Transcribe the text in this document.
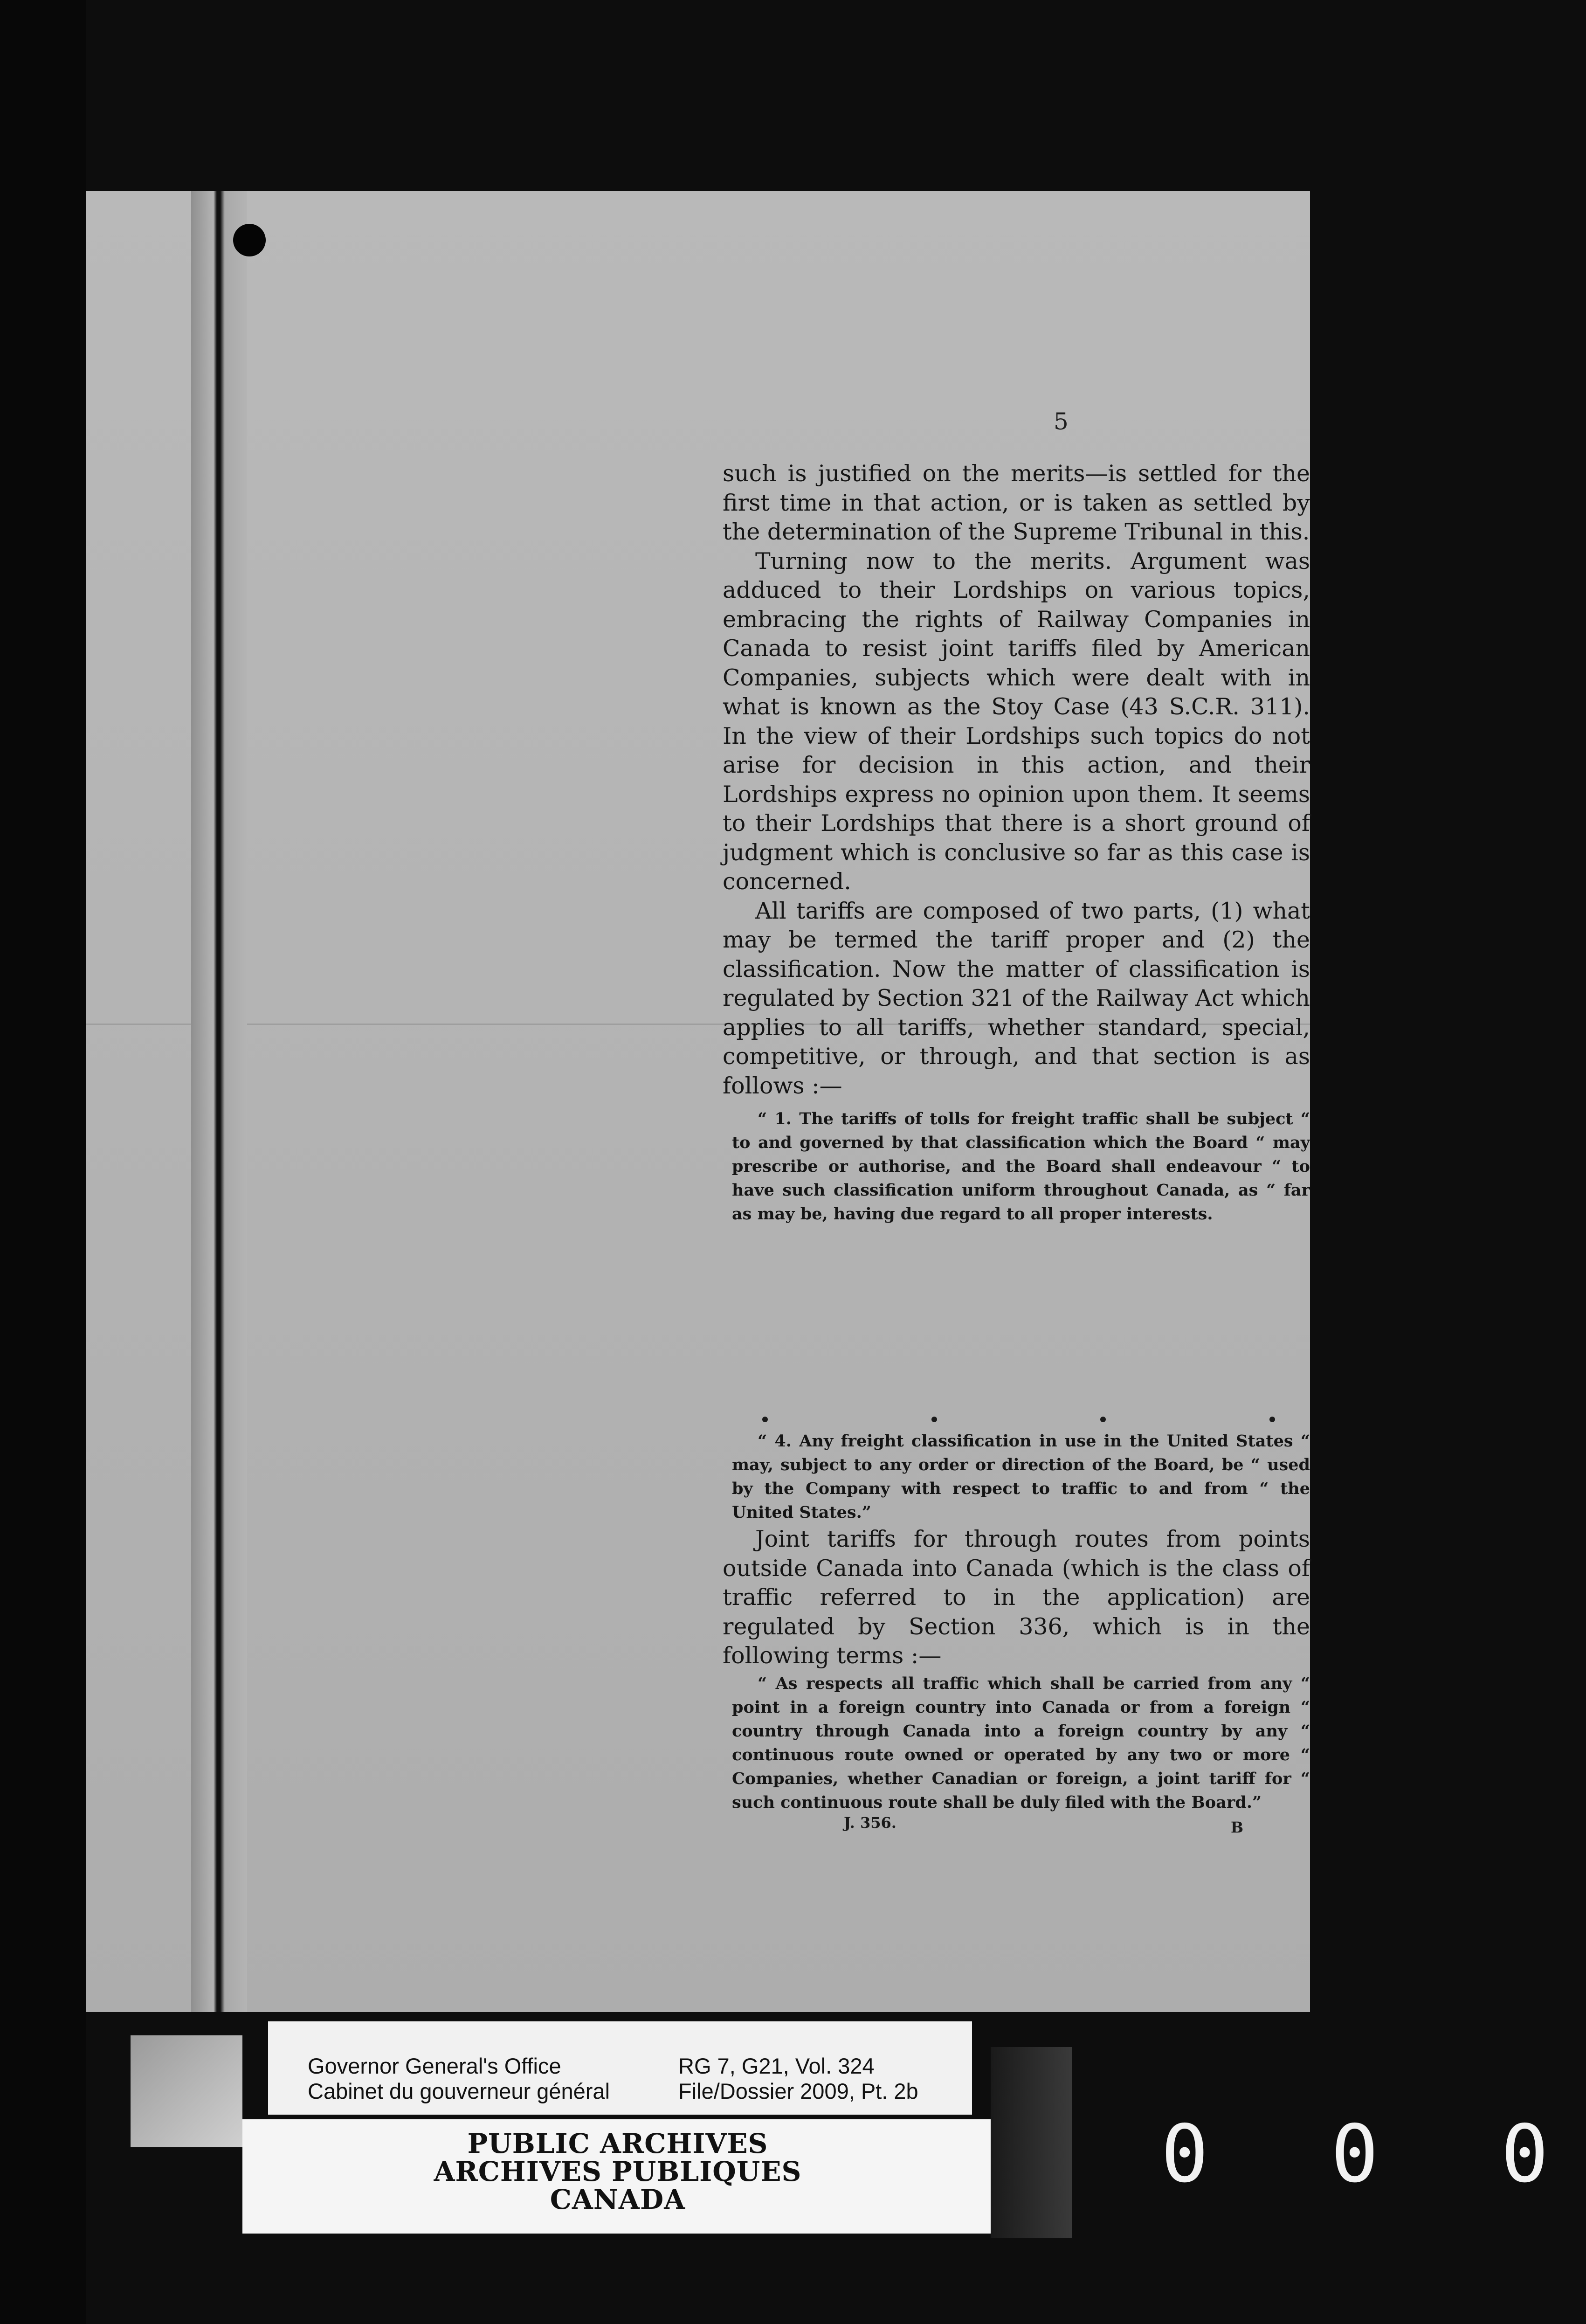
5

such is justified on the merits—is settled for the first time in that action, or is taken as settled by the determination of the Supreme Tribunal in this.

Turning now to the merits. Argument was adduced to their Lordships on various topics, embracing the rights of Railway Companies in Canada to resist joint tariffs filed by American Companies, subjects which were dealt with in what is known as the Stoy Case (43 S.C.R. 311). In the view of their Lordships such topics do not arise for decision in this action, and their Lordships express no opinion upon them. It seems to their Lordships that there is a short ground of judgment which is conclusive so far as this case is concerned.

All tariffs are composed of two parts, (1) what may be termed the tariff proper and (2) the classification. Now the matter of classification is regulated by Section 321 of the Railway Act which applies to all tariffs, whether standard, special, competitive, or through, and that section is as follows :—

“ 1. The tariffs of tolls for freight traffic shall be subject “ to and governed by that classification which the Board “ may prescribe or authorise, and the Board shall endeavour “ to have such classification uniform throughout Canada, as “ far as may be, having due regard to all proper interests.

“ 4. Any freight classification in use in the United States “ may, subject to any order or direction of the Board, be “ used by the Company with respect to traffic to and from “ the United States.”

Joint tariffs for through routes from points outside Canada into Canada (which is the class of traffic referred to in the application) are regulated by Section 336, which is in the following terms :—

“ As respects all traffic which shall be carried from any “ point in a foreign country into Canada or from a foreign “ country through Canada into a foreign country by any “ continuous route owned or operated by any two or more “ Companies, whether Canadian or foreign, a joint tariff for “ such continuous route shall be duly filed with the Board.”

J. 356.	B
Governor General's Office
Cabinet du gouverneur général
RG 7, G21, Vol. 324
File/Dossier 2009, Pt. 2b
PUBLIC ARCHIVES
ARCHIVES PUBLIQUES
CANADA	0 0 0
